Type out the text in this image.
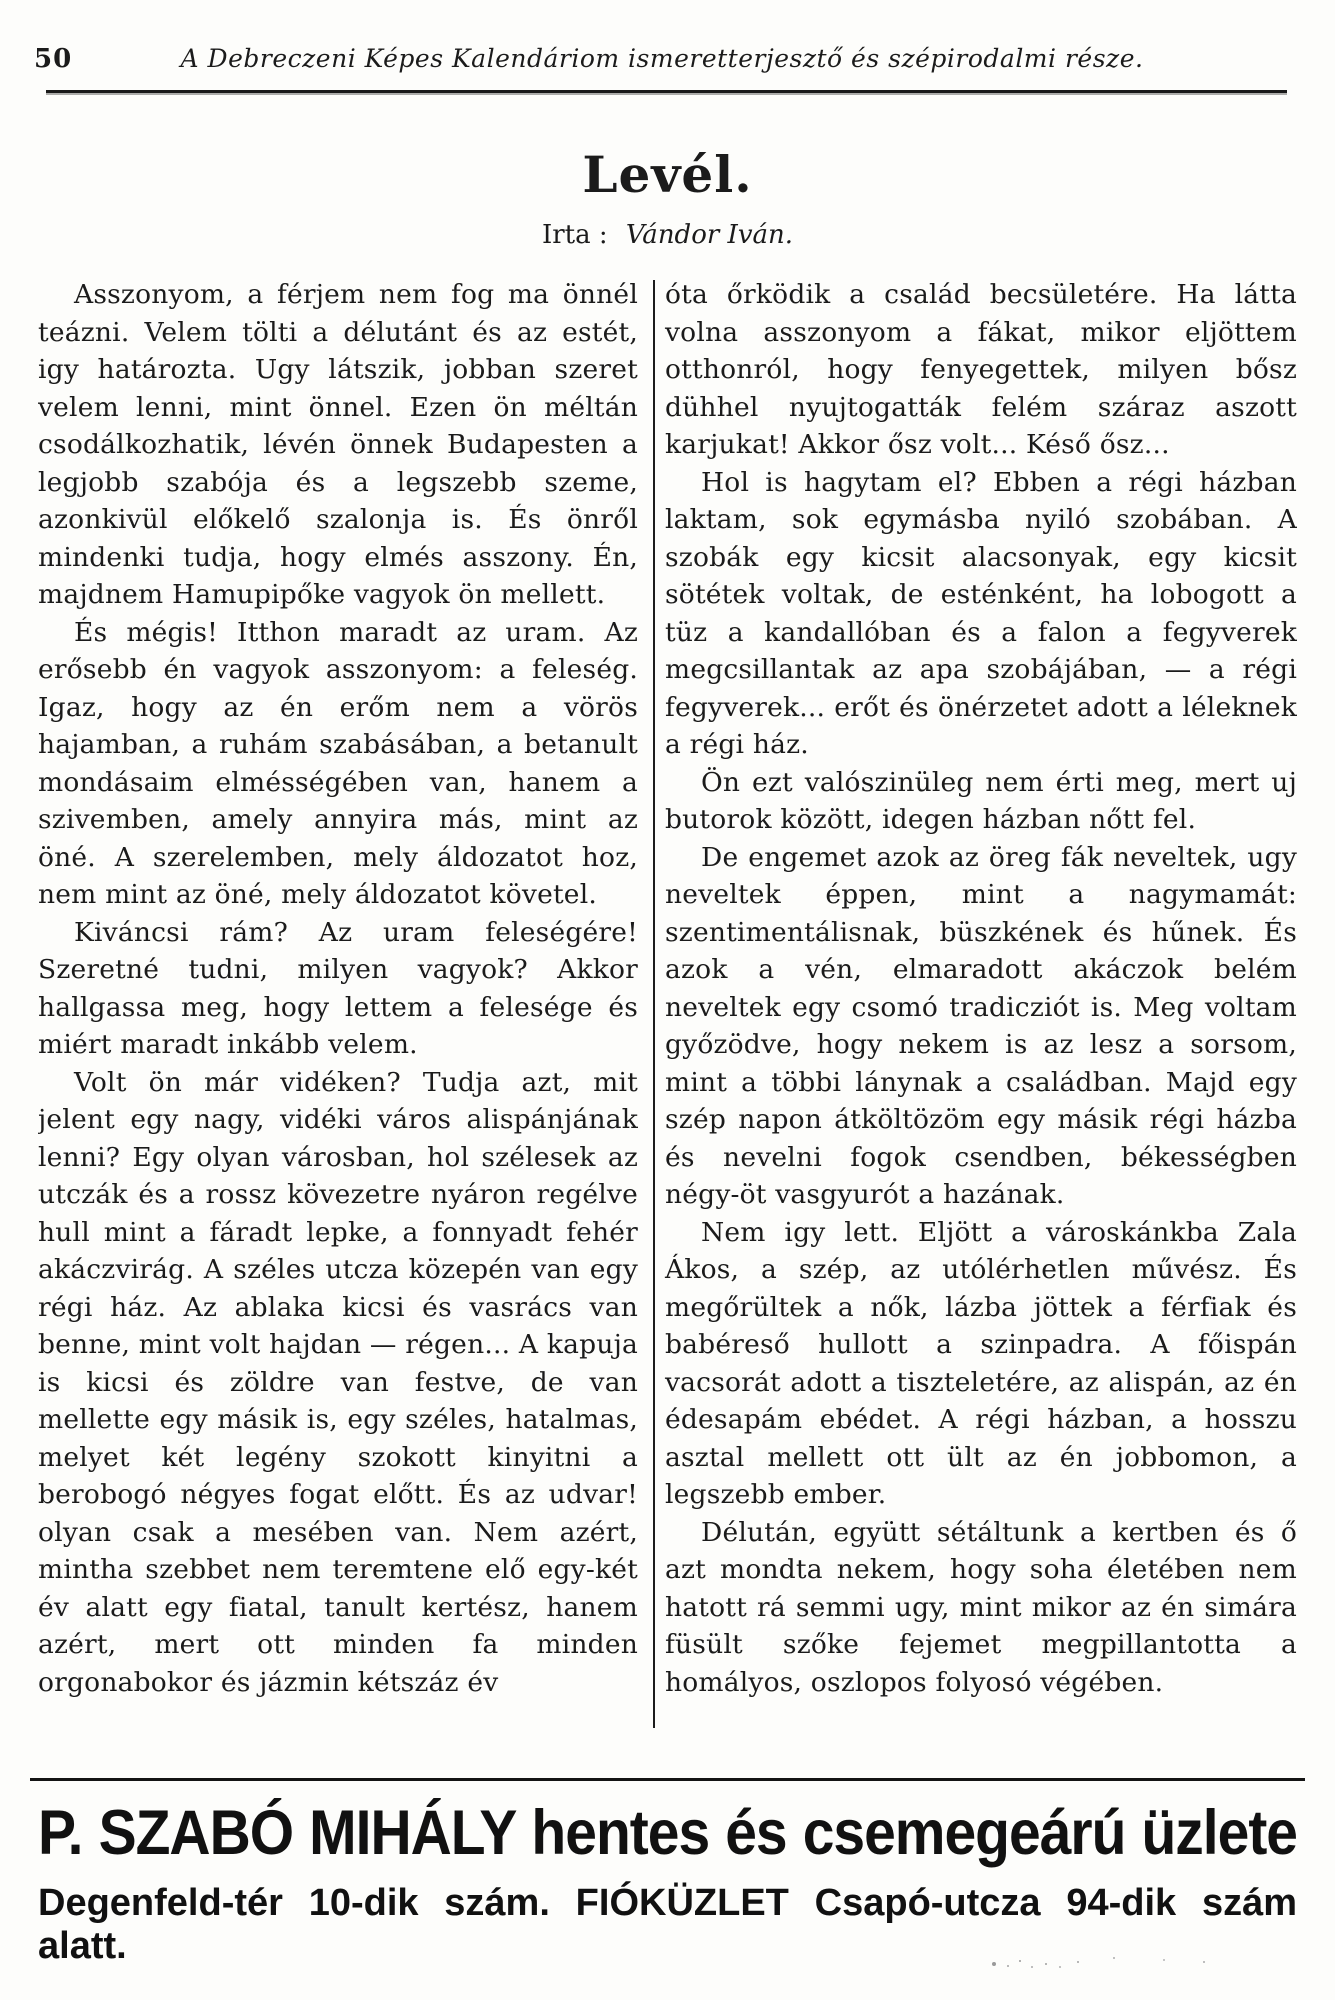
50	A Debreczeni Képes Kalendáriom ismeretterjesztő és szépirodalmi része.
Levél.
Irta : Vándor Iván.

Asszonyom, a férjem nem fog ma önnél teázni. Velem tölti a délutánt és az estét, igy határozta. Ugy látszik, jobban szeret velem lenni, mint önnel. Ezen ön méltán csodálkozhatik, lévén önnek Budapesten a legjobb szabója és a legszebb szeme, azonkivül előkelő szalonja is. És önről mindenki tudja, hogy elmés asszony. Én, majdnem Hamupipőke vagyok ön mellett.

És mégis! Itthon maradt az uram. Az erősebb én vagyok asszonyom: a feleség. Igaz, hogy az én erőm nem a vörös hajamban, a ruhám szabásában, a betanult mondásaim elmésségében van, hanem a szivemben, amely annyira más, mint az öné. A szerelemben, mely áldozatot hoz, nem mint az öné, mely áldozatot követel.

Kiváncsi rám? Az uram feleségére! Szeretné tudni, milyen vagyok? Akkor hallgassa meg, hogy lettem a felesége és miért maradt inkább velem.

Volt ön már vidéken? Tudja azt, mit jelent egy nagy, vidéki város alispánjának lenni? Egy olyan városban, hol szélesek az utczák és a rossz kövezetre nyáron regélve hull mint a fáradt lepke, a fonnyadt fehér akáczvirág. A széles utcza közepén van egy régi ház. Az ablaka kicsi és vasrács van benne, mint volt hajdan — régen... A kapuja is kicsi és zöldre van festve, de van mellette egy másik is, egy széles, hatalmas, melyet két legény szokott kinyitni a berobogó négyes fogat előtt. És az udvar! olyan csak a mesében van. Nem azért, mintha szebbet nem teremtene elő egy-két év alatt egy fiatal, tanult kertész, hanem azért, mert ott minden fa minden orgonabokor és jázmin kétszáz év

óta őrködik a család becsületére. Ha látta volna asszonyom a fákat, mikor eljöttem otthonról, hogy fenyegettek, milyen bősz dühhel nyujtogatták felém száraz aszott karjukat! Akkor ősz volt... Késő ősz...

Hol is hagytam el? Ebben a régi házban laktam, sok egymásba nyiló szobában. A szobák egy kicsit alacsonyak, egy kicsit sötétek voltak, de esténként, ha lobogott a tüz a kandallóban és a falon a fegyverek megcsillantak az apa szobájában, — a régi fegyverek... erőt és önérzetet adott a léleknek a régi ház.

Ön ezt valószinüleg nem érti meg, mert uj butorok között, idegen házban nőtt fel.

De engemet azok az öreg fák neveltek, ugy neveltek éppen, mint a nagymamát: szentimentálisnak, büszkének és hűnek. És azok a vén, elmaradott akáczok belém neveltek egy csomó tradicziót is. Meg voltam győzödve, hogy nekem is az lesz a sorsom, mint a többi lánynak a családban. Majd egy szép napon átköltözöm egy másik régi házba és nevelni fogok csendben, békességben négy-öt vasgyurót a hazának.

Nem igy lett. Eljött a városkánkba Zala Ákos, a szép, az utólérhetlen művész. És megőrültek a nők, lázba jöttek a férfiak és babéreső hullott a szinpadra. A főispán vacsorát adott a tiszteletére, az alispán, az én édesapám ebédet. A régi házban, a hosszu asztal mellett ott ült az én jobbomon, a legszebb ember.

Délután, együtt sétáltunk a kertben és ő azt mondta nekem, hogy soha életében nem hatott rá semmi ugy, mint mikor az én simára füsült szőke fejemet megpillantotta a homályos, oszlopos folyosó végében.

P. SZABÓ MIHÁLY hentes és csemegeárú üzlete
Degenfeld-tér 10-dik szám. FIÓKÜZLET Csapó-utcza 94-dik szám alatt.
